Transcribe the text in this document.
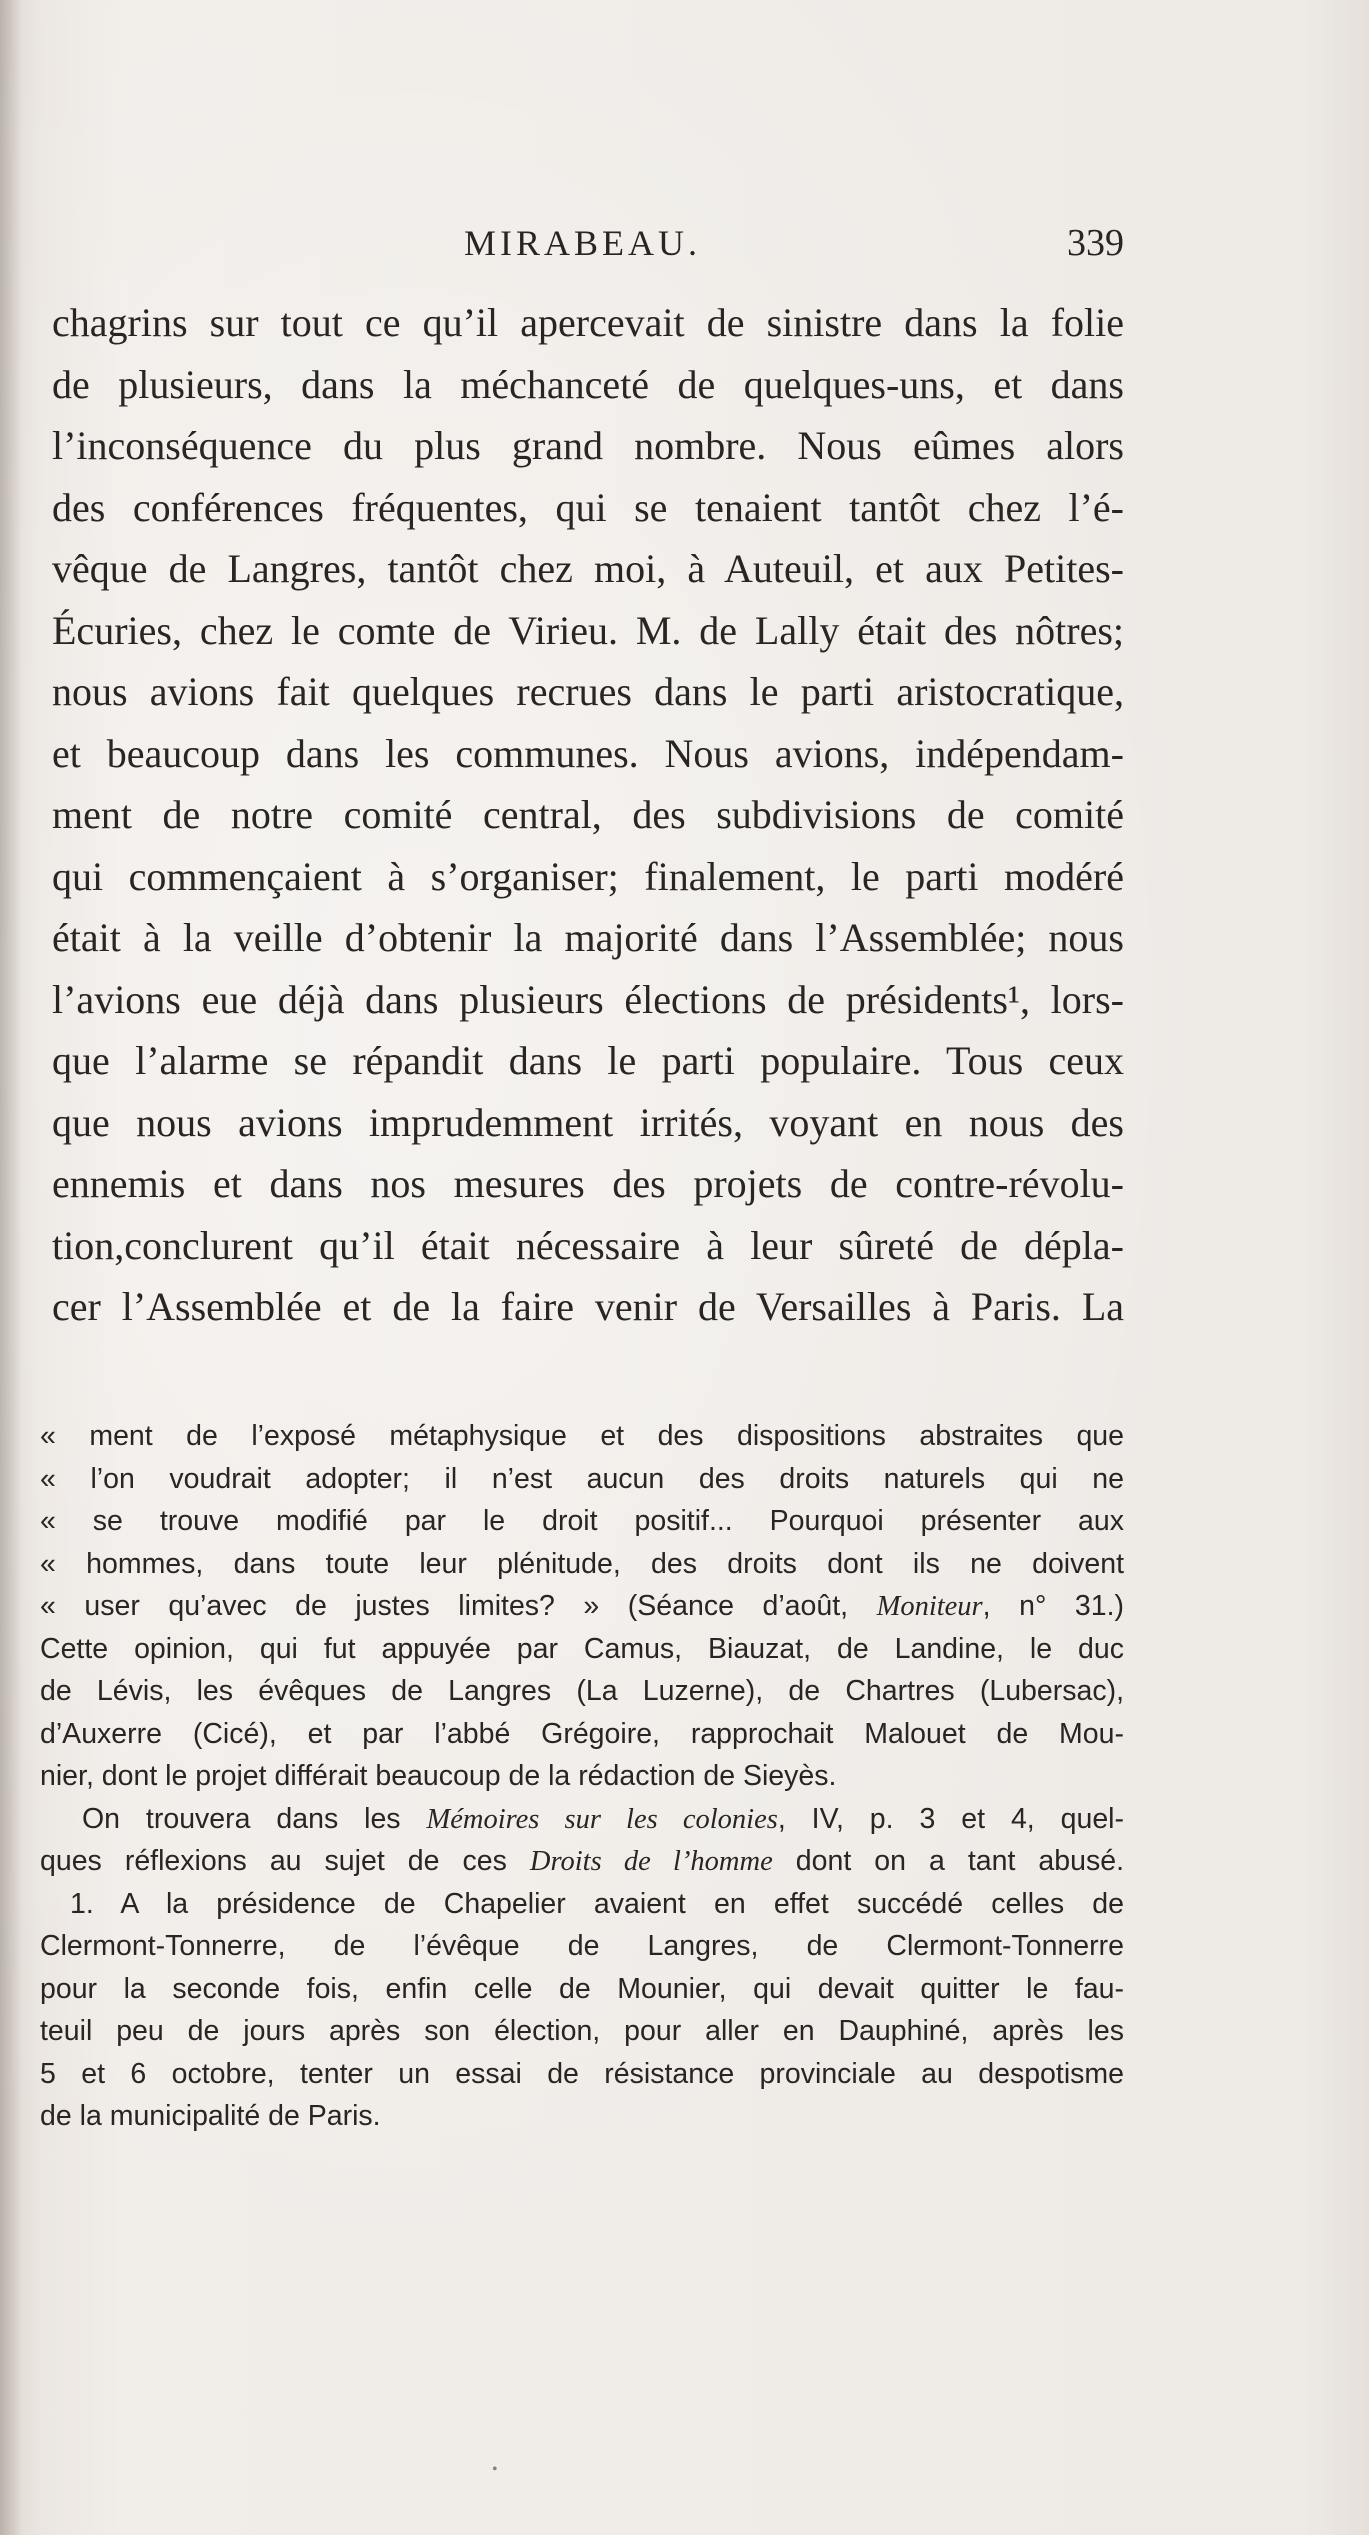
MIRABEAU.	339
chagrins sur tout ce qu’il apercevait de sinistre dans la folie
de plusieurs, dans la méchanceté de quelques-uns, et dans
l’inconséquence du plus grand nombre. Nous eûmes alors
des conférences fréquentes, qui se tenaient tantôt chez l’é-
vêque de Langres, tantôt chez moi, à Auteuil, et aux Petites-
Écuries, chez le comte de Virieu. M. de Lally était des nôtres;
nous avions fait quelques recrues dans le parti aristocratique,
et beaucoup dans les communes. Nous avions, indépendam-
ment de notre comité central, des subdivisions de comité
qui commençaient à s’organiser; finalement, le parti modéré
était à la veille d’obtenir la majorité dans l’Assemblée; nous
l’avions eue déjà dans plusieurs élections de présidents¹, lors-
que l’alarme se répandit dans le parti populaire. Tous ceux
que nous avions imprudemment irrités, voyant en nous des
ennemis et dans nos mesures des projets de contre-révolu-
tion,conclurent qu’il était nécessaire à leur sûreté de dépla-
cer l’Assemblée et de la faire venir de Versailles à Paris. La
« ment de l’exposé métaphysique et des dispositions abstraites que
« l’on voudrait adopter; il n’est aucun des droits naturels qui ne
« se trouve modifié par le droit positif... Pourquoi présenter aux
« hommes, dans toute leur plénitude, des droits dont ils ne doivent
« user qu’avec de justes limites? » (Séance d’août, Moniteur, n° 31.)
Cette opinion, qui fut appuyée par Camus, Biauzat, de Landine, le duc
de Lévis, les évêques de Langres (La Luzerne), de Chartres (Lubersac),
d’Auxerre (Cicé), et par l’abbé Grégoire, rapprochait Malouet de Mou-
nier, dont le projet différait beaucoup de la rédaction de Sieyès.
On trouvera dans les Mémoires sur les colonies, IV, p. 3 et 4, quel-
ques réflexions au sujet de ces Droits de l’homme dont on a tant abusé.
1. A la présidence de Chapelier avaient en effet succédé celles de
Clermont-Tonnerre, de l’évêque de Langres, de Clermont-Tonnerre
pour la seconde fois, enfin celle de Mounier, qui devait quitter le fau-
teuil peu de jours après son élection, pour aller en Dauphiné, après les
5 et 6 octobre, tenter un essai de résistance provinciale au despotisme
de la municipalité de Paris.
•
